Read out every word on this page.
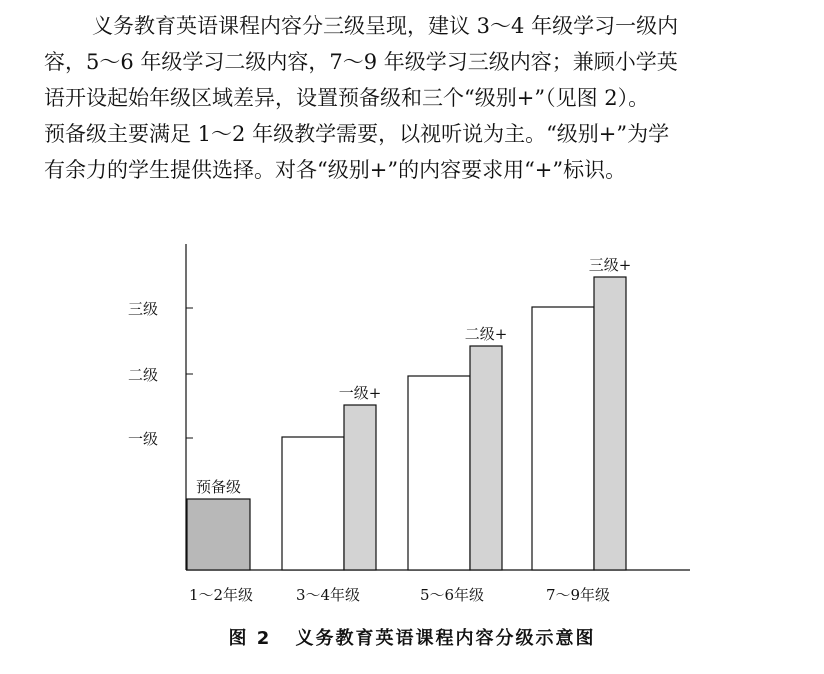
义务教育英语课程内容分三级呈现，建议 3～4 年级学习一级内
容，5～6 年级学习二级内容，7～9 年级学习三级内容；兼顾小学英
语开设起始年级区域差异，设置预备级和三个“级别+”（见图 2）。
预备级主要满足 1～2 年级教学需要，以视听说为主。“级别+”为学
有余力的学生提供选择。对各“级别+”的内容要求用“+”标识。
一级
二级
三级
预备级
一级+
二级+
三级+
1～2年级	3～4年级	5～6年级	7～9年级
图 2 义务教育英语课程内容分级示意图
